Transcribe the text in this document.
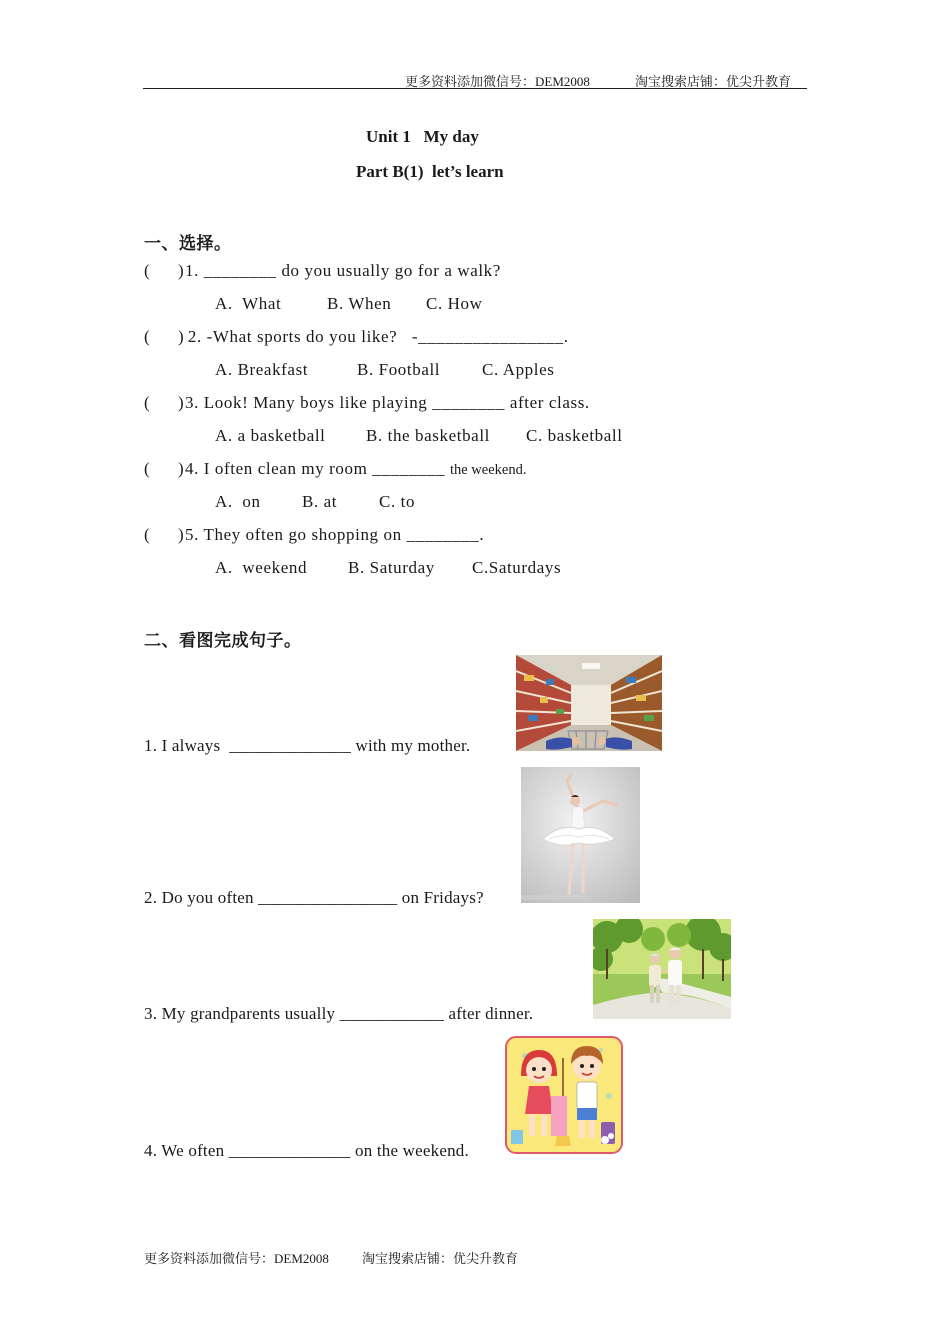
更多资料添加微信号：DEM2008	淘宝搜索店铺：优尖升教育
Unit 1   My day
Part B(1)  let’s learn
一、选择。
( ) 1. ________ do you usually go for a walk?
A.  What	B. When C. How
( )
2. -What sports do you like?   -________________.
A. Breakfast	B. Football C. Apples
( ) 3. Look! Many boys like playing ________ after class.
A. a basketball B. the basketball C. basketball
( ) 4. I often clean my room ________ the weekend.
A.  on B. at C. to
( ) 5. They often go shopping on ________.
A.  weekend B. Saturday C.Saturdays
二、看图完成句子。
1. I always  ______________ with my mother.
2. Do you often ________________ on Fridays?
3. My grandparents usually ____________ after dinner.
4. We often ______________ on the weekend.
更多资料添加微信号：DEM2008	淘宝搜索店铺：优尖升教育
